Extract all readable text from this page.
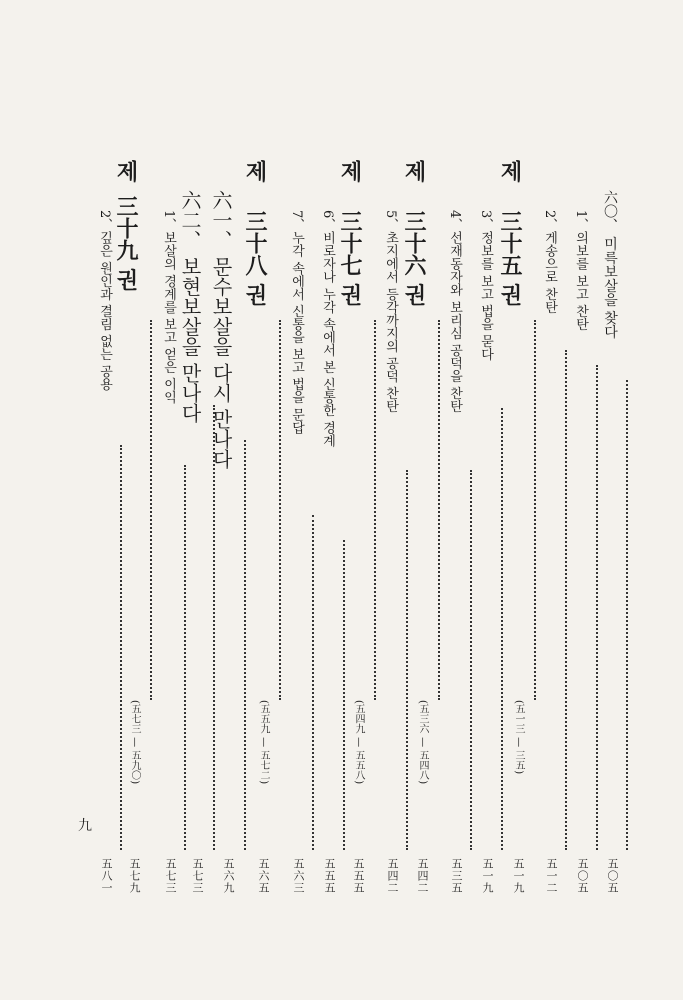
六〇、 미륵보살을 찾다
五〇五
1、의보를 보고 찬탄
五〇五
2、게송으로 찬탄
五一二
제
三十五 권
(五一三 — 三五)
五一九
3、정보를 보고 법을 묻다
五一九
4、선재동자와 보리심 공덕을 찬탄
五三五
제
三十六 권
(五三六 — 五四八)
五四二
5、초지에서 등각까지의 공덕 찬탄
五四二
제
三十七 권
(五四九 — 五五八)
五五五
6、비로자나 누각 속에서 본 신통한 경계
五五五
7、누각 속에서 신통을 보고 법을 문답
五六三
제
三十八 권
(五五九 — 五七二)
五六五
六一、 문수보살을 다시 만나다
五六九
六二、 보현보살을 만나다
五七三
1、보살의 경계를 보고 얻은 이익
五七三
제
三十九 권
(五七三 — 五九〇)
五七九
2、깊은 원인과 결림 없는 공용
五八一
九
